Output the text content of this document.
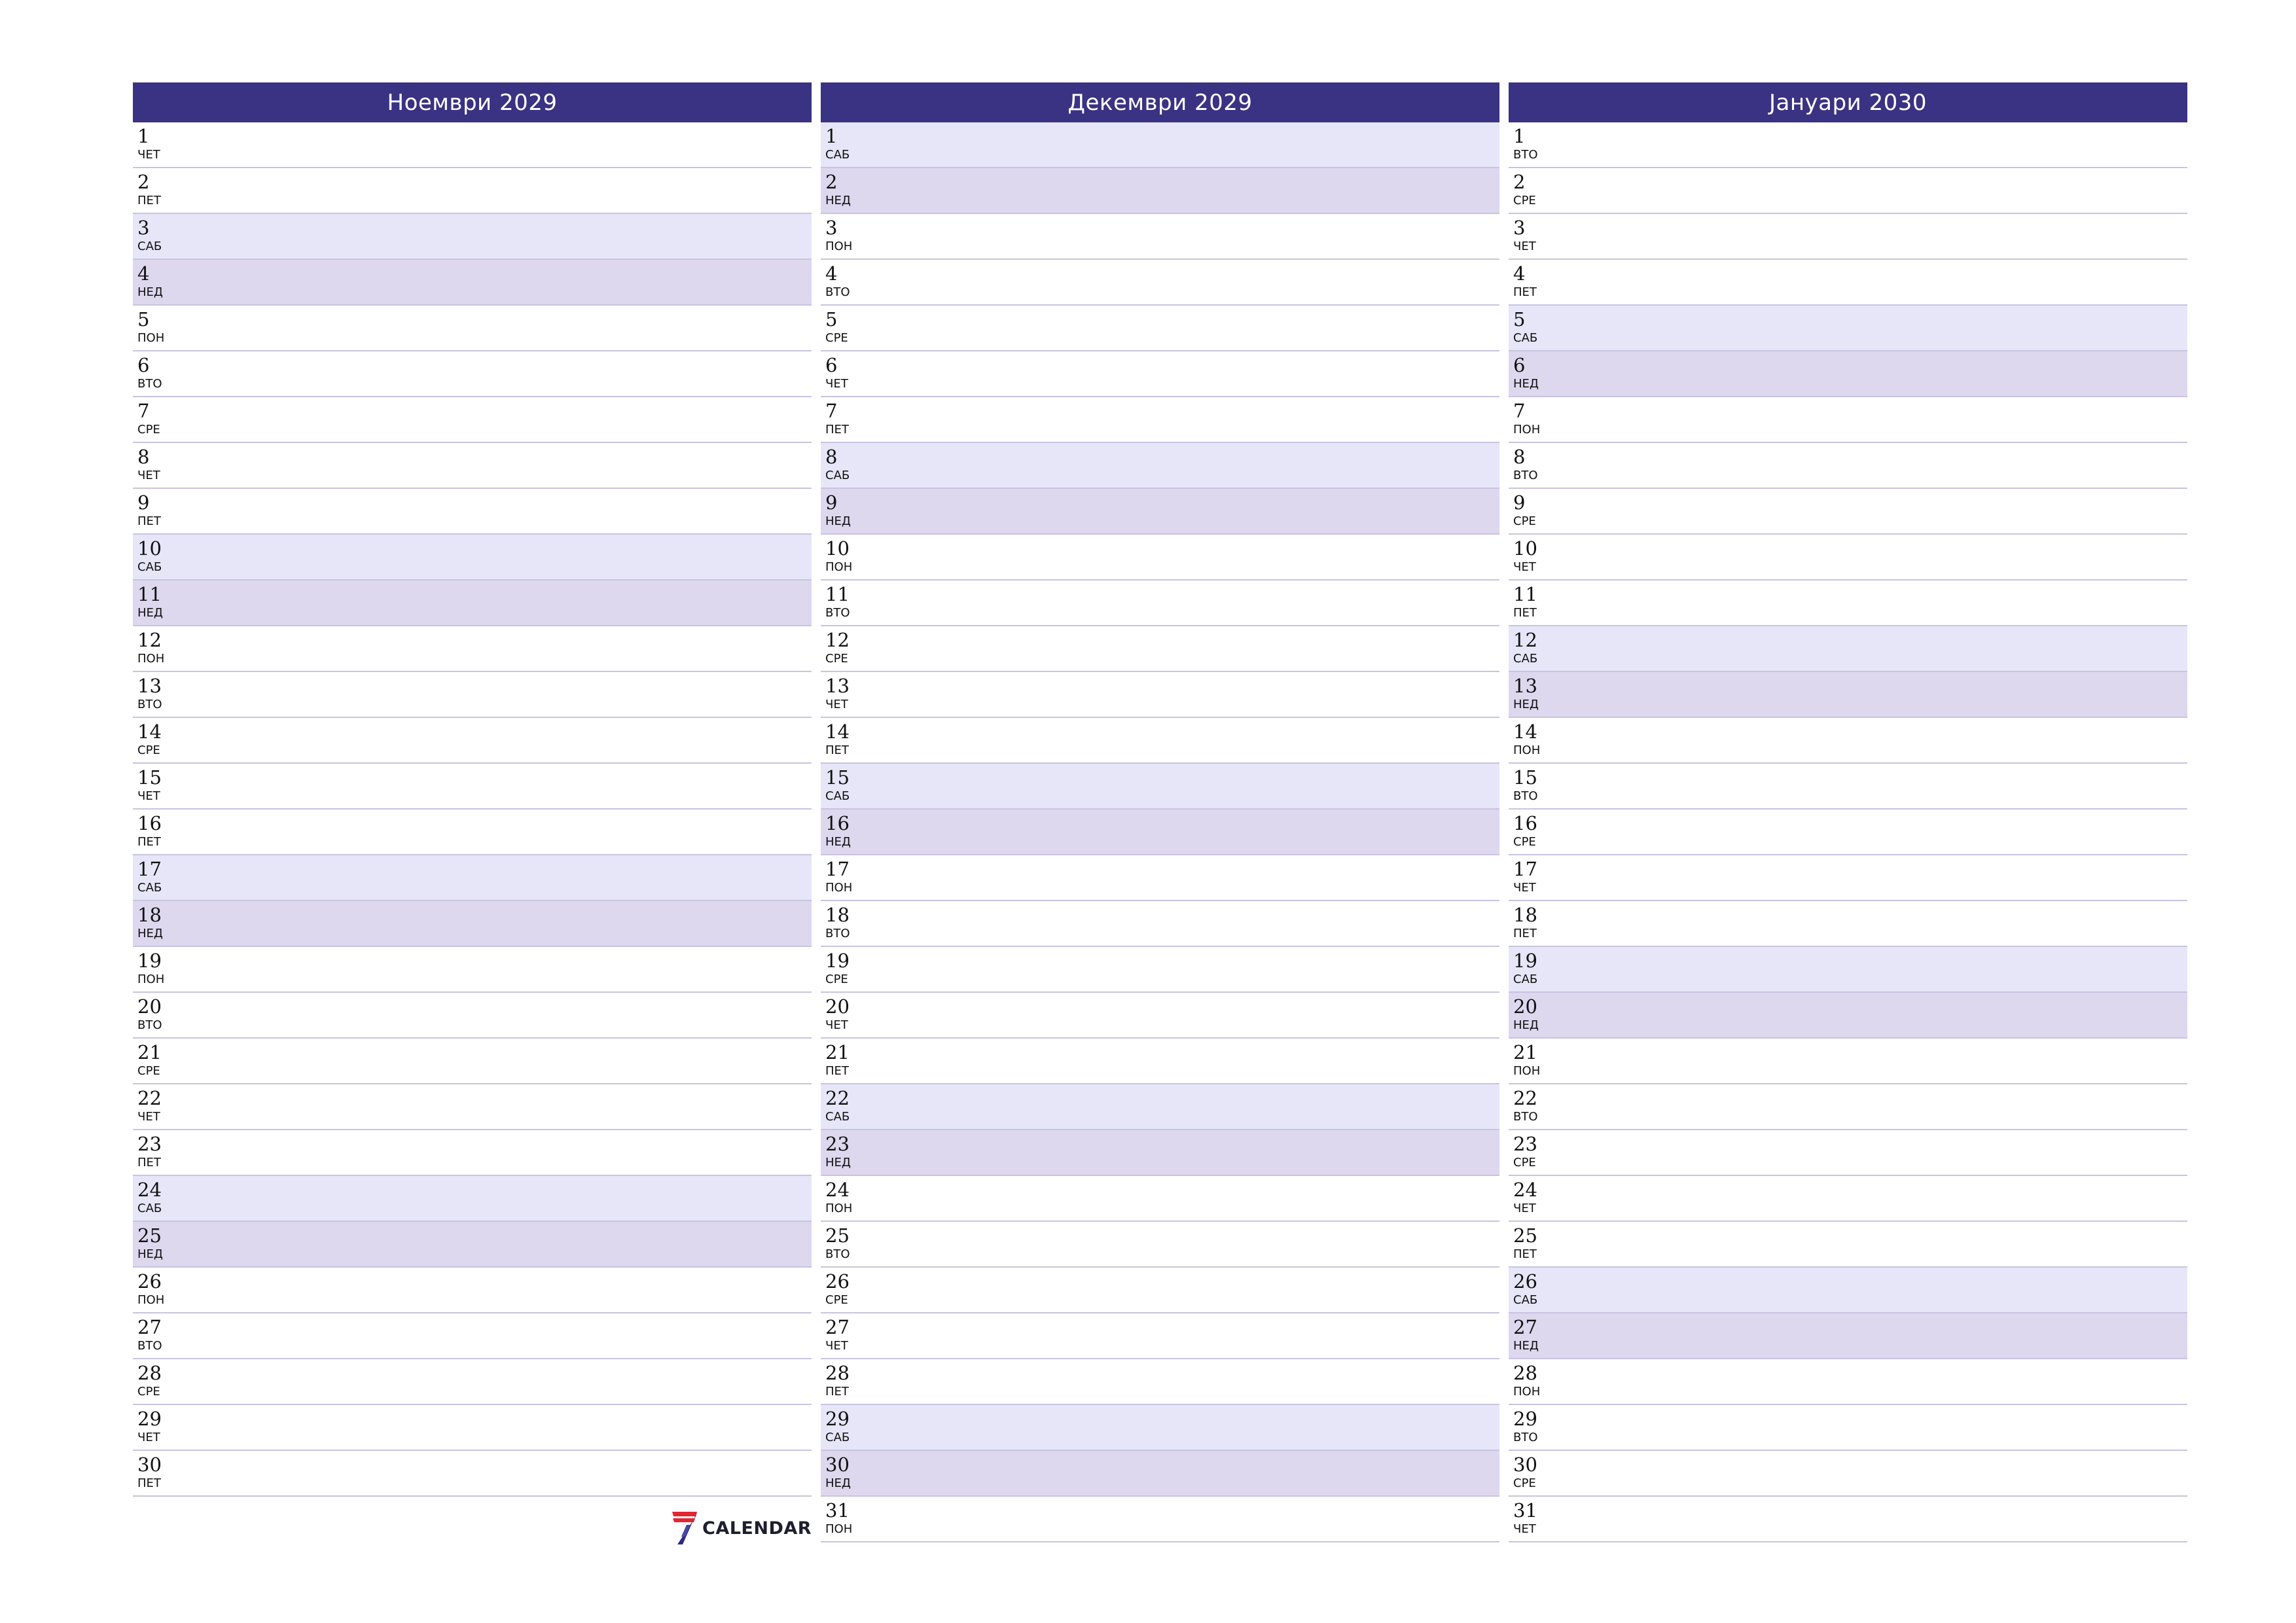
Ноември 2029
1
ЧЕТ
2
ПЕТ
3
САБ
4
НЕД
5
ПОН
6
ВТО
7
СРЕ
8
ЧЕТ
9
ПЕТ
10
САБ
11
НЕД
12
ПОН
13
ВТО
14
СРЕ
15
ЧЕТ
16
ПЕТ
17
САБ
18
НЕД
19
ПОН
20
ВТО
21
СРЕ
22
ЧЕТ
23
ПЕТ
24
САБ
25
НЕД
26
ПОН
27
ВТО
28
СРЕ
29
ЧЕТ
30
ПЕТ
Декември 2029
1
САБ
2
НЕД
3
ПОН
4
ВТО
5
СРЕ
6
ЧЕТ
7
ПЕТ
8
САБ
9
НЕД
10
ПОН
11
ВТО
12
СРЕ
13
ЧЕТ
14
ПЕТ
15
САБ
16
НЕД
17
ПОН
18
ВТО
19
СРЕ
20
ЧЕТ
21
ПЕТ
22
САБ
23
НЕД
24
ПОН
25
ВТО
26
СРЕ
27
ЧЕТ
28
ПЕТ
29
САБ
30
НЕД
31
ПОН
Јануари 2030
1
ВТО
2
СРЕ
3
ЧЕТ
4
ПЕТ
5
САБ
6
НЕД
7
ПОН
8
ВТО
9
СРЕ
10
ЧЕТ
11
ПЕТ
12
САБ
13
НЕД
14
ПОН
15
ВТО
16
СРЕ
17
ЧЕТ
18
ПЕТ
19
САБ
20
НЕД
21
ПОН
22
ВТО
23
СРЕ
24
ЧЕТ
25
ПЕТ
26
САБ
27
НЕД
28
ПОН
29
ВТО
30
СРЕ
31
ЧЕТ
CALENDAR
